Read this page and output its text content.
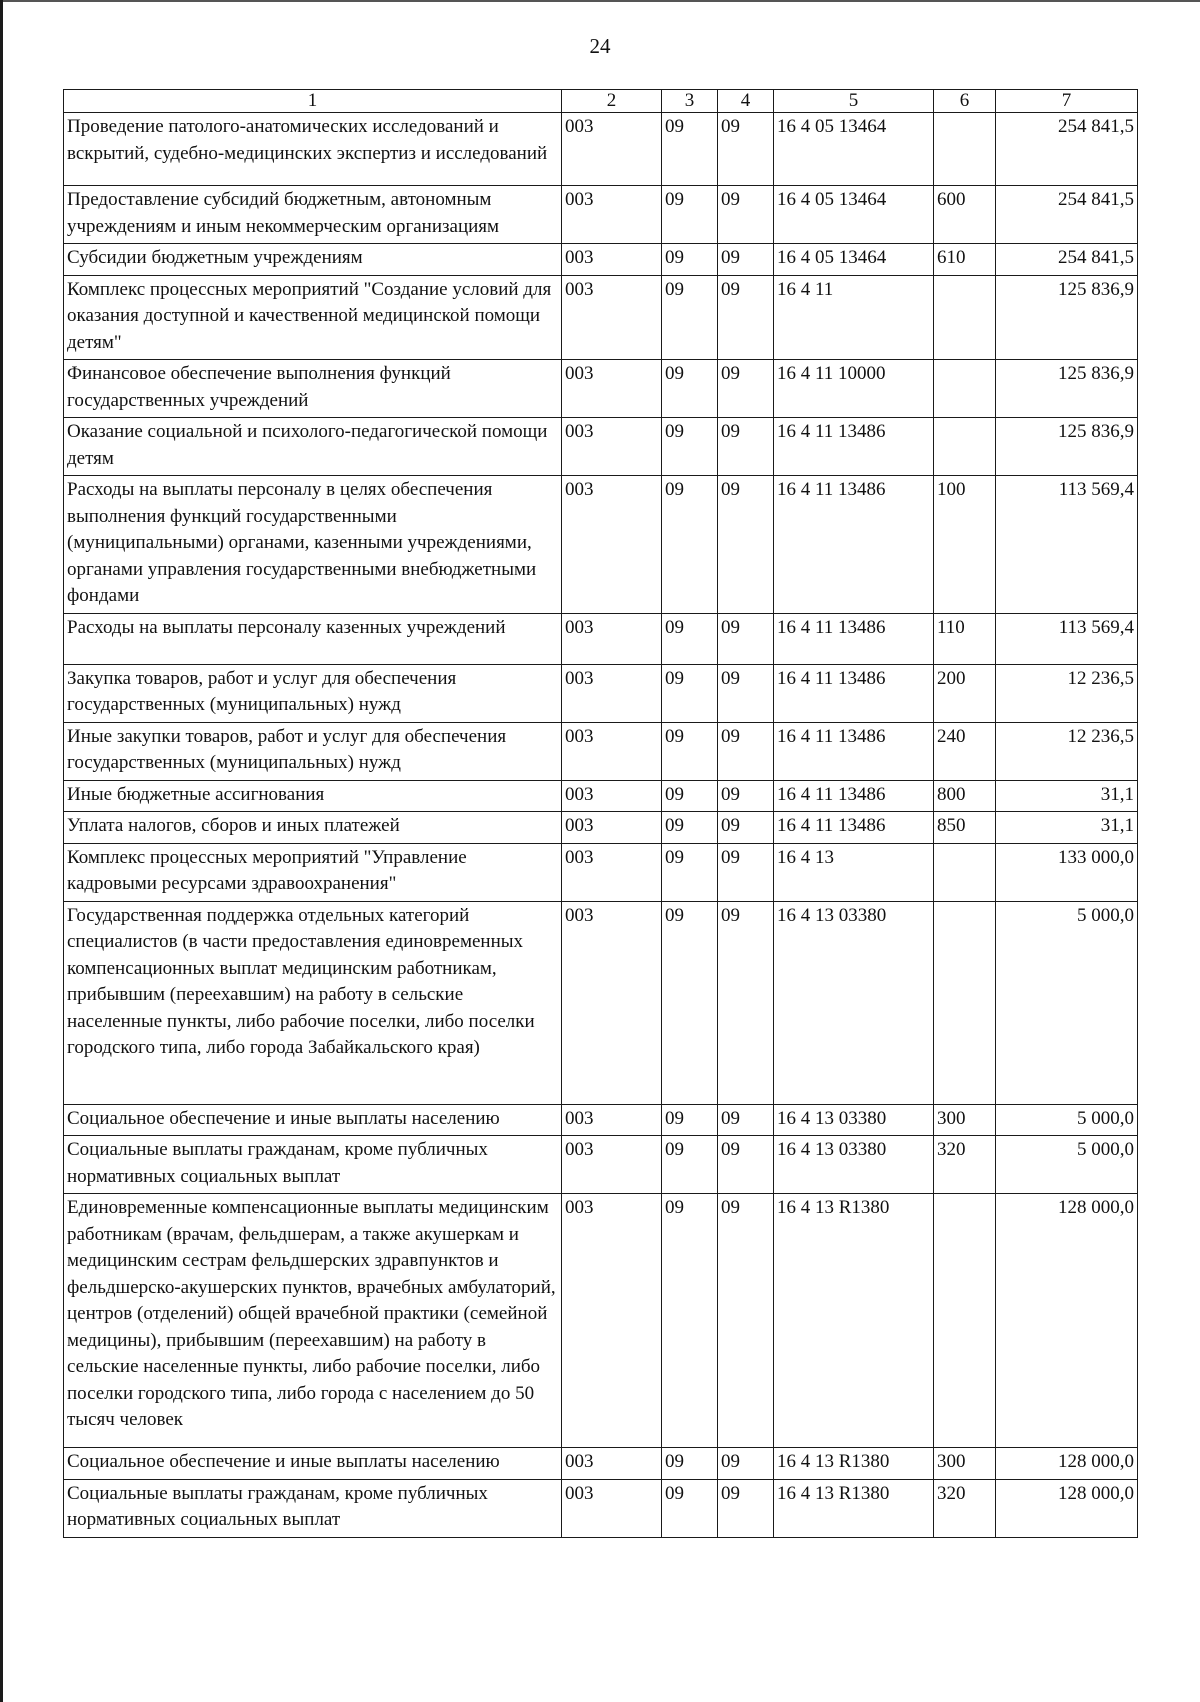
24
1	2	3	4	5	6	7
Проведение патолого-анатомических исследований и вскрытий, судебно-медицинских экспертиз и исследований	003	09	09	16 4 05 13464		254 841,5
Предоставление субсидий бюджетным, автономным учреждениям и иным некоммерческим организациям	003	09	09	16 4 05 13464	600	254 841,5
Субсидии бюджетным учреждениям	003	09	09	16 4 05 13464	610	254 841,5
Комплекс процессных мероприятий "Создание условий для оказания доступной и качественной медицинской помощи детям"	003	09	09	16 4 11		125 836,9
Финансовое обеспечение выполнения функций государственных учреждений	003	09	09	16 4 11 10000		125 836,9
Оказание социальной и психолого-педагогической помощи детям	003	09	09	16 4 11 13486		125 836,9
Расходы на выплаты персоналу в целях обеспечения выполнения функций государственными (муниципальными) органами, казенными учреждениями, органами управления государственными внебюджетными фондами	003	09	09	16 4 11 13486	100	113 569,4
Расходы на выплаты персоналу казенных учреждений	003	09	09	16 4 11 13486	110	113 569,4
Закупка товаров, работ и услуг для обеспечения государственных (муниципальных) нужд	003	09	09	16 4 11 13486	200	12 236,5
Иные закупки товаров, работ и услуг для обеспечения государственных (муниципальных) нужд	003	09	09	16 4 11 13486	240	12 236,5
Иные бюджетные ассигнования	003	09	09	16 4 11 13486	800	31,1
Уплата налогов, сборов и иных платежей	003	09	09	16 4 11 13486	850	31,1
Комплекс процессных мероприятий "Управление кадровыми ресурсами здравоохранения"	003	09	09	16 4 13		133 000,0
Государственная поддержка отдельных категорий специалистов (в части предоставления единовременных компенсационных выплат медицинским работникам, прибывшим (переехавшим) на работу в сельские населенные пункты, либо рабочие поселки, либо поселки городского типа, либо города Забайкальского края)	003	09	09	16 4 13 03380		5 000,0
Социальное обеспечение и иные выплаты населению	003	09	09	16 4 13 03380	300	5 000,0
Социальные выплаты гражданам, кроме публичных нормативных социальных выплат	003	09	09	16 4 13 03380	320	5 000,0
Единовременные компенсационные выплаты медицинским работникам (врачам, фельдшерам, а также акушеркам и медицинским сестрам фельдшерских здравпунктов и фельдшерско-акушерских пунктов, врачебных амбулаторий, центров (отделений) общей врачебной практики (семейной медицины), прибывшим (переехавшим) на работу в сельские населенные пункты, либо рабочие поселки, либо поселки городского типа, либо города с населением до 50 тысяч человек	003	09	09	16 4 13 R1380		128 000,0
Социальное обеспечение и иные выплаты населению	003	09	09	16 4 13 R1380	300	128 000,0
Социальные выплаты гражданам, кроме публичных нормативных социальных выплат	003	09	09	16 4 13 R1380	320	128 000,0
